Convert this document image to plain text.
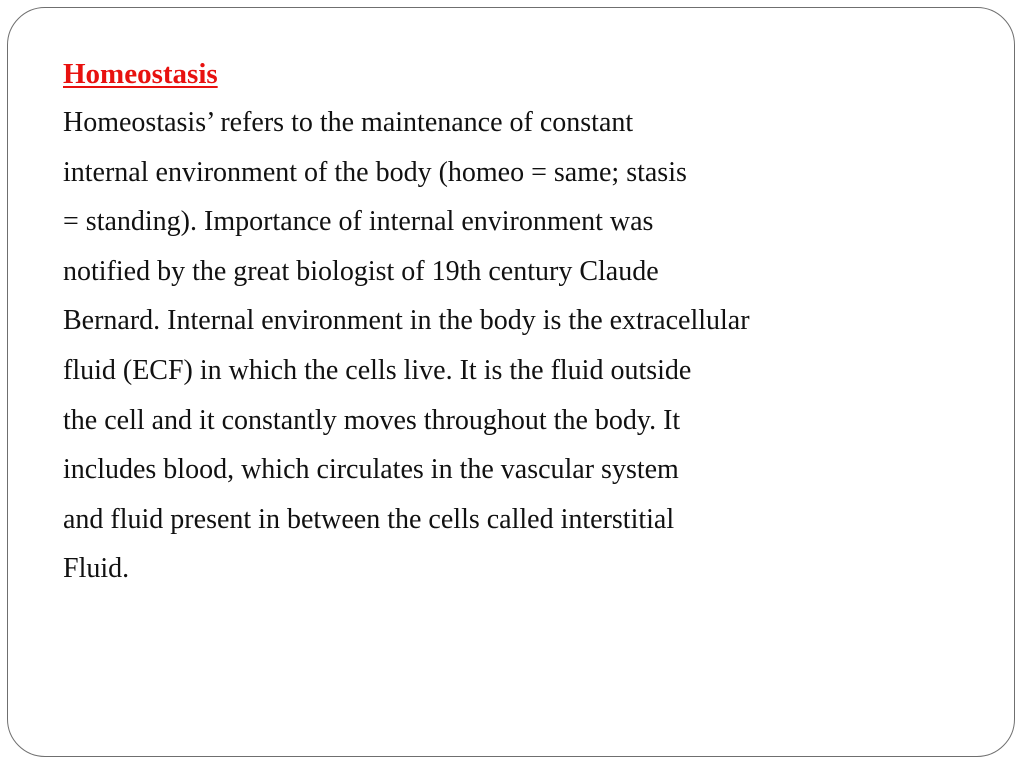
Homeostasis

Homeostasis’ refers to the maintenance of constant

internal environment of the body (homeo = same; stasis

= standing). Importance of internal environment was

notified by the great biologist of 19th century Claude

Bernard. Internal environment in the body is the extracellular

fluid (ECF) in which the cells live. It is the fluid outside

the cell and it constantly moves throughout the body. It

includes blood, which circulates in the vascular system

and fluid present in between the cells called interstitial

Fluid.
